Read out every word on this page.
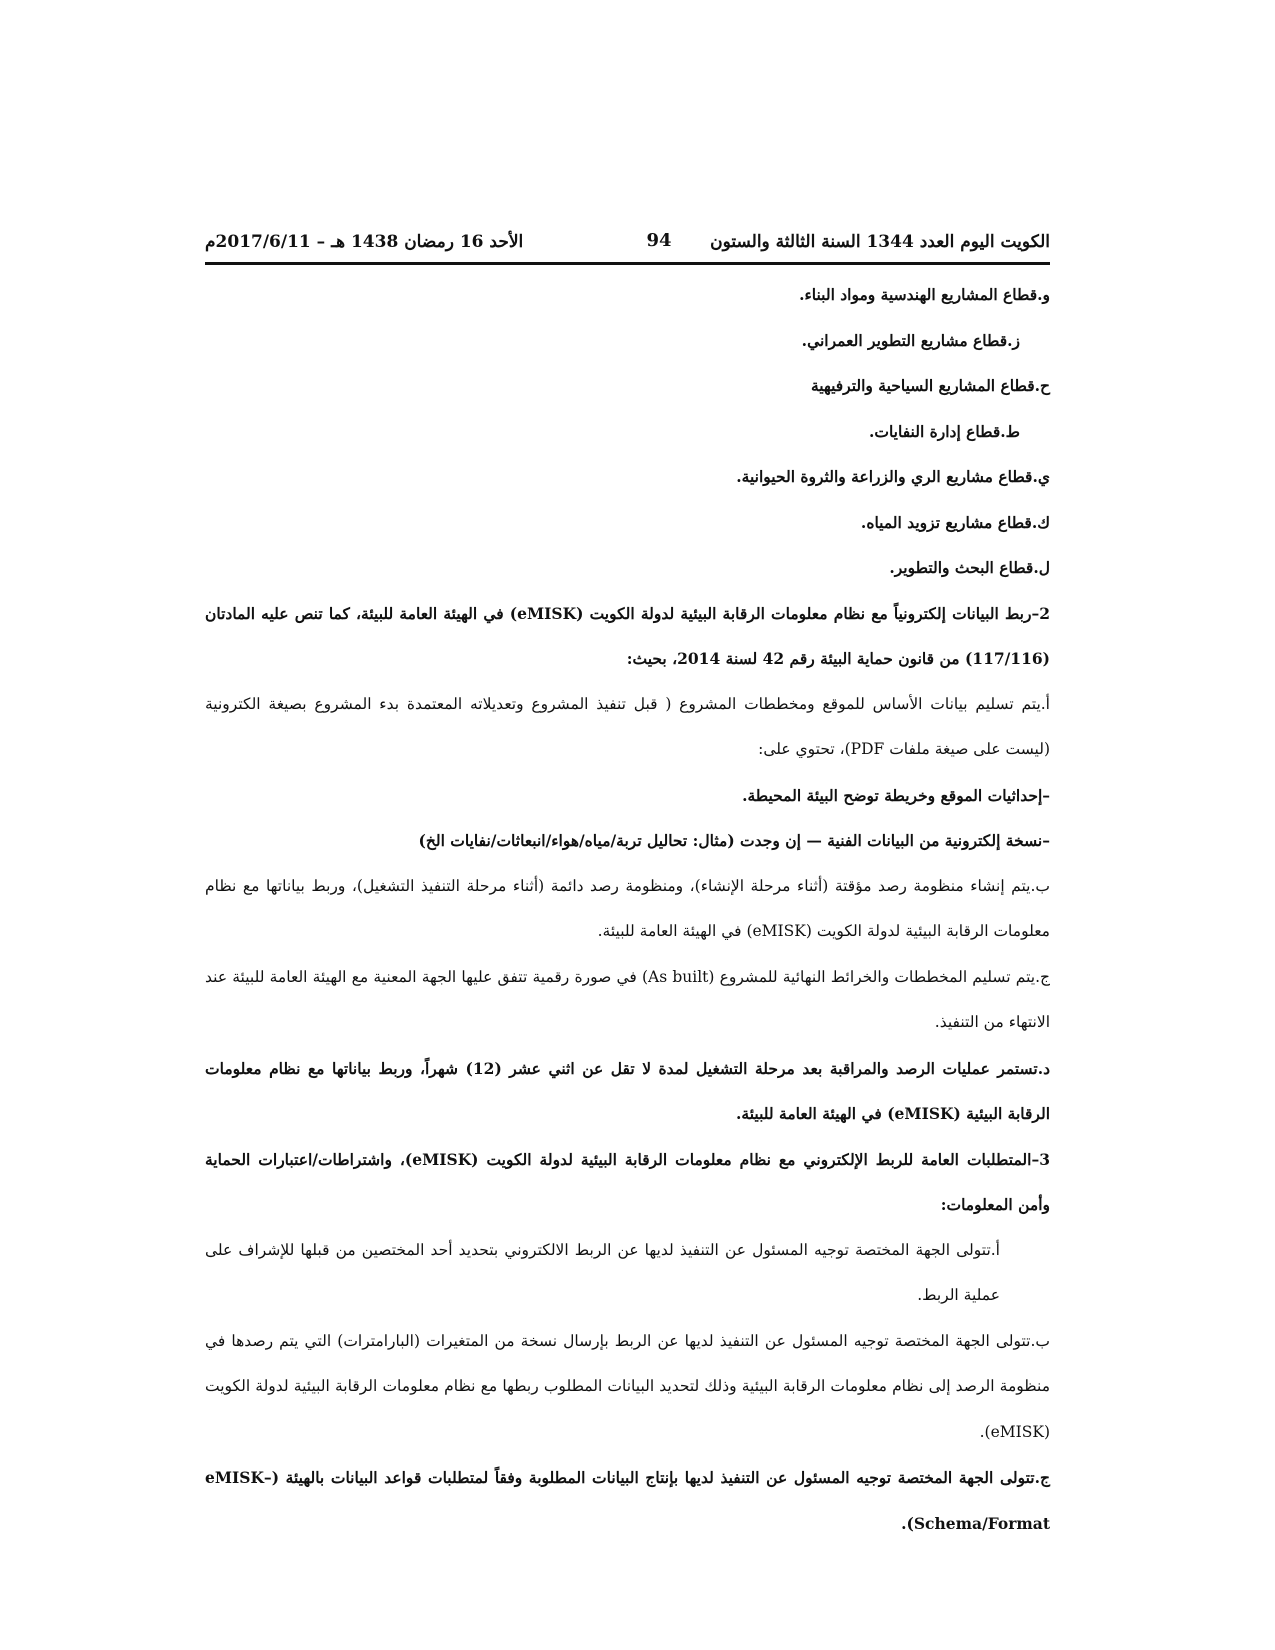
الكويت اليوم العدد 1344 السنة الثالثة والستون
94
الأحد 16 رمضان 1438 هـ – 2017/6/11م

و.قطاع المشاريع الهندسية ومواد البناء.

ز.قطاع مشاريع التطوير العمراني.

ح.قطاع المشاريع السياحية والترفيهية

ط.قطاع إدارة النفايات.

ي.قطاع مشاريع الري والزراعة والثروة الحيوانية.

ك.قطاع مشاريع تزويد المياه.

ل.قطاع البحث والتطوير.

2–ربط البيانات إلكترونياً مع نظام معلومات الرقابة البيئية لدولة الكويت (eMISK) في الهيئة العامة للبيئة، كما تنص عليه المادتان (117/116) من قانون حماية البيئة رقم 42 لسنة 2014، بحيث:

أ.يتم تسليم بيانات الأساس للموقع ومخططات المشروع ( قبل تنفيذ المشروع وتعديلاته المعتمدة بدء المشروع بصيغة الكترونية (ليست على صيغة ملفات PDF)، تحتوي على:

–إحداثيات الموقع وخريطة توضح البيئة المحيطة.

–نسخة إلكترونية من البيانات الفنية — إن وجدت (مثال: تحاليل تربة/مياه/هواء/انبعاثات/نفايات الخ)

ب.يتم إنشاء منظومة رصد مؤقتة (أثناء مرحلة الإنشاء)، ومنظومة رصد دائمة (أثناء مرحلة التنفيذ التشغيل)، وربط بياناتها مع نظام معلومات الرقابة البيئية لدولة الكويت (eMISK) في الهيئة العامة للبيئة.

ج.يتم تسليم المخططات والخرائط النهائية للمشروع (As built) في صورة رقمية تتفق عليها الجهة المعنية مع الهيئة العامة للبيئة عند الانتهاء من التنفيذ.

د.تستمر عمليات الرصد والمراقبة بعد مرحلة التشغيل لمدة لا تقل عن اثني عشر (12) شهراً، وربط بياناتها مع نظام معلومات الرقابة البيئية (eMISK) في الهيئة العامة للبيئة.

3–المتطلبات العامة للربط الإلكتروني مع نظام معلومات الرقابة البيئية لدولة الكويت (eMISK)، واشتراطات/اعتبارات الحماية وأمن المعلومات:

أ.تتولى الجهة المختصة توجيه المسئول عن التنفيذ لديها عن الربط الالكتروني بتحديد أحد المختصين من قبلها للإشراف على عملية الربط.

ب.تتولى الجهة المختصة توجيه المسئول عن التنفيذ لديها عن الربط بإرسال نسخة من المتغيرات (البارامترات) التي يتم رصدها في منظومة الرصد إلى نظام معلومات الرقابة البيئية وذلك لتحديد البيانات المطلوب ربطها مع نظام معلومات الرقابة البيئية لدولة الكويت (eMISK).

ج.تتولى الجهة المختصة توجيه المسئول عن التنفيذ لديها بإنتاج البيانات المطلوبة وفقاً لمتطلبات قواعد البيانات بالهيئة (eMISK–Schema/Format).
